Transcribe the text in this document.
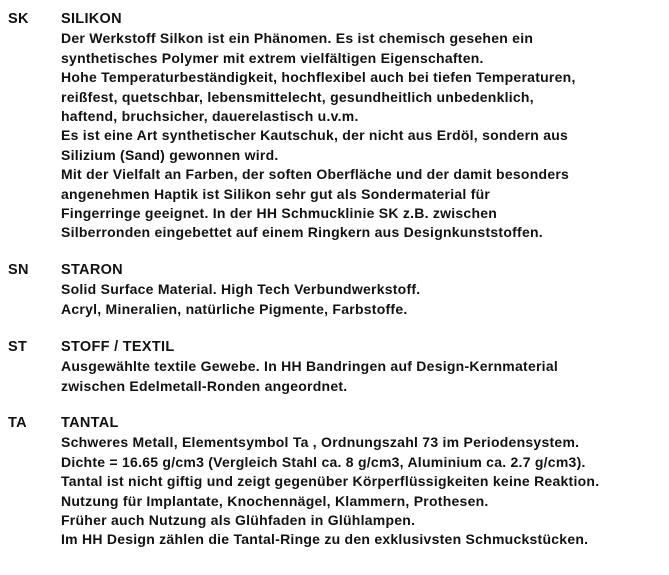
SK SILIKON
Der Werkstoff Silkon ist ein Phänomen. Es ist chemisch gesehen ein
synthetisches Polymer mit extrem vielfältigen Eigenschaften.
Hohe Temperaturbeständigkeit, hochflexibel auch bei tiefen Temperaturen,
reißfest, quetschbar, lebensmittelecht, gesundheitlich unbedenklich,
haftend, bruchsicher, dauerelastisch u.v.m.
Es ist eine Art synthetischer Kautschuk, der nicht aus Erdöl, sondern aus
Silizium (Sand) gewonnen wird.
Mit der Vielfalt an Farben, der soften Oberfläche und der damit besonders
angenehmen Haptik ist Silikon sehr gut als Sondermaterial für
Fingerringe geeignet. In der HH Schmucklinie SK z.B. zwischen
Silberronden eingebettet auf einem Ringkern aus Designkunststoffen.
SN STARON
Solid Surface Material. High Tech Verbundwerkstoff.
Acryl, Mineralien, natürliche Pigmente, Farbstoffe.
ST STOFF / TEXTIL
Ausgewählte textile Gewebe. In HH Bandringen auf Design-Kernmaterial
zwischen Edelmetall-Ronden angeordnet.
TA TANTAL
Schweres Metall, Elementsymbol Ta , Ordnungszahl 73 im Periodensystem.
Dichte = 16.65 g/cm3 (Vergleich Stahl ca. 8 g/cm3, Aluminium ca. 2.7 g/cm3).
Tantal ist nicht giftig und zeigt gegenüber Körperflüssigkeiten keine Reaktion.
Nutzung für Implantate, Knochennägel, Klammern, Prothesen.
Früher auch Nutzung als Glühfaden in Glühlampen.
Im HH Design zählen die Tantal-Ringe zu den exklusivsten Schmuckstücken.
